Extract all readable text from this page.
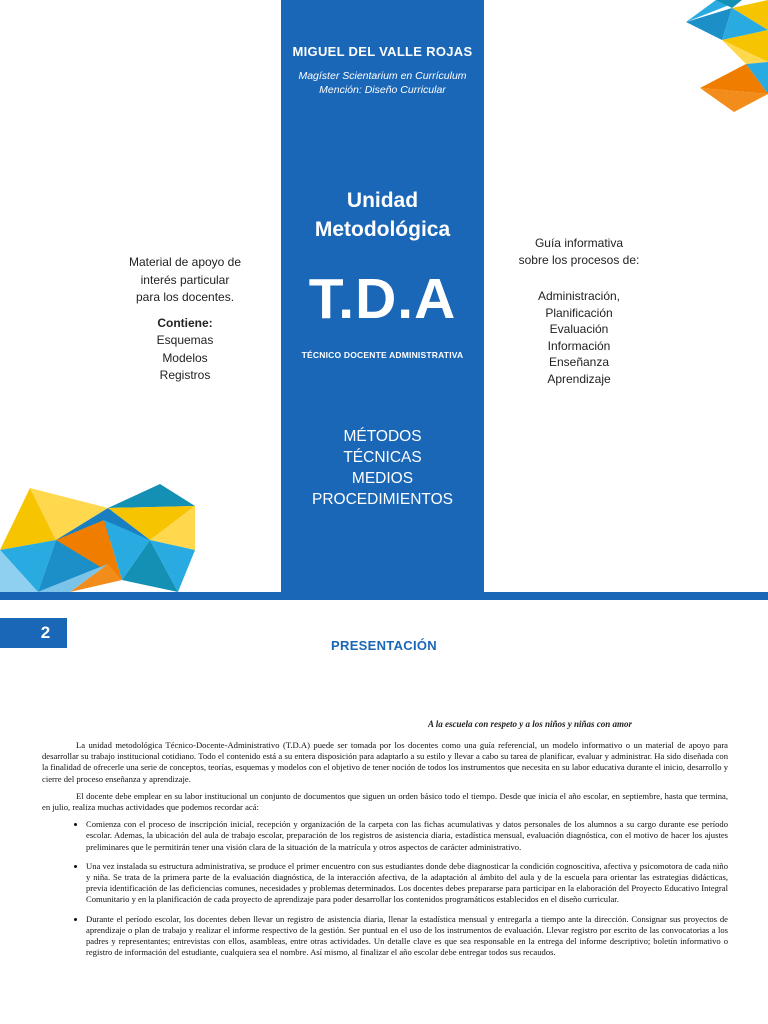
Material de apoyo de
interés particular
para los docentes.
Contiene:
Esquemas
Modelos
Registros
Guía informativa
sobre los procesos de:
Administración,
Planificación
Evaluación
Información
Enseñanza
Aprendizaje
MIGUEL DEL VALLE ROJAS
Magíster Scientarium en Currículum
Mención: Diseño Curricular
Unidad
Metodológica
T.D.A
TÉCNICO DOCENTE ADMINISTRATIVA
MÉTODOS
TÉCNICAS
MEDIOS
PROCEDIMIENTOS
2
PRESENTACIÓN
A la escuela con respeto y a los niños y niñas con amor

La unidad metodológica Técnico-Docente-Administrativo (T.D.A) puede ser tomada por los docentes como una guía referencial, un modelo informativo o un material de apoyo para desarrollar su trabajo institucional cotidiano. Todo el contenido está a su entera disposición para adaptarlo a su estilo y llevar a cabo su tarea de planificar, evaluar y administrar. Ha sido diseñada con la finalidad de ofrecerle una serie de conceptos, teorías, esquemas y modelos con el objetivo de tener noción de todos los instrumentos que necesita en su labor educativa durante el inicio, desarrollo y cierre del proceso enseñanza y aprendizaje.

El docente debe emplear en su labor institucional un conjunto de documentos que siguen un orden básico todo el tiempo. Desde que inicia el año escolar, en septiembre, hasta que termina, en julio, realiza muchas actividades que podemos recordar acá:

• Comienza con el proceso de inscripción inicial, recepción y organización de la carpeta con las fichas acumulativas y datos personales de los alumnos a su cargo durante ese período escolar. Ademas, la ubicación del aula de trabajo escolar, preparación de los registros de asistencia diaria, estadística mensual, evaluación diagnóstica, con el motivo de hacer los ajustes preliminares que le permitirán tener una visión clara de la situación de la matrícula y otros aspectos de carácter administrativo.
• Una vez instalada su estructura administrativa, se produce el primer encuentro con sus estudiantes donde debe diagnosticar la condición cognoscitiva, afectiva y psicomotora de cada niño y niña. Se trata de la primera parte de la evaluación diagnóstica, de la interacción afectiva, de la adaptación al ámbito del aula y de la escuela para orientar las estrategias didácticas, previa identificación de las deficiencias comunes, necesidades y problemas determinados. Los docentes debes prepararse para participar en la elaboración del Proyecto Educativo Integral Comunitario y en la planificación de cada proyecto de aprendizaje para poder desarrollar los contenidos programáticos establecidos en el diseño curricular.
• Durante el período escolar, los docentes deben llevar un registro de asistencia diaria, llenar la estadística mensual y entregarla a tiempo ante la dirección. Consignar sus proyectos de aprendizaje o plan de trabajo y realizar el informe respectivo de la gestión. Ser puntual en el uso de los instrumentos de evaluación. Llevar registro por escrito de las convocatorias a los padres y representantes; entrevistas con ellos, asambleas, entre otras actividades. Un detalle clave es que sea responsable en la entrega del informe descriptivo; boletín informativo o registro de información del estudiante, cualquiera sea el nombre. Así mismo, al finalizar el año escolar debe entregar todos sus recaudos.
